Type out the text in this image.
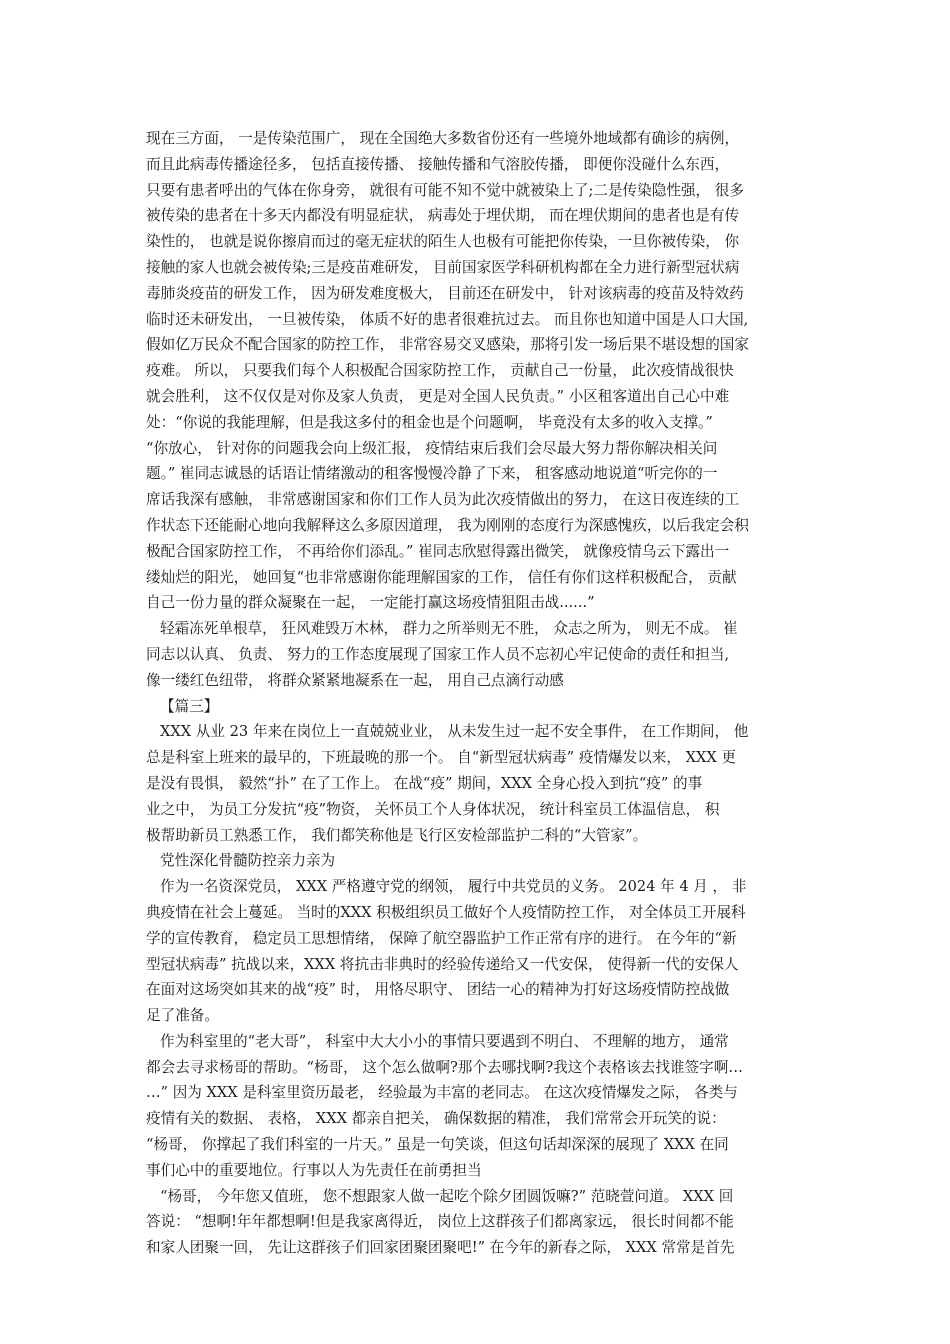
现在三方面， 一是传染范围广， 现在全国绝大多数省份还有一些境外地域都有确诊的病例，
而且此病毒传播途径多， 包括直接传播、 接触传播和气溶胶传播， 即便你没碰什么东西，
只要有患者呼出的气体在你身旁， 就很有可能不知不觉中就被染上了;二是传染隐性强， 很多
被传染的患者在十多天内都没有明显症状， 病毒处于埋伏期， 而在埋伏期间的患者也是有传
染性的， 也就是说你擦肩而过的毫无症状的陌生人也极有可能把你传染，一旦你被传染， 你
接触的家人也就会被传染;三是疫苗难研发， 目前国家医学科研机构都在全力进行新型冠状病
毒肺炎疫苗的研发工作， 因为研发难度极大， 目前还在研发中， 针对该病毒的疫苗及特效药
临时还未研发出， 一旦被传染， 体质不好的患者很难抗过去。 而且你也知道中国是人口大国,
假如亿万民众不配合国家的防控工作， 非常容易交叉感染，那将引发一场后果不堪设想的国家
疫难。 所以， 只要我们每个人积极配合国家防控工作， 贡献自己一份量， 此次疫情战很快
就会胜利， 这不仅仅是对你及家人负责， 更是对全国人民负责。” 小区租客道出自己心中难
处：“你说的我能理解，但是我这多付的租金也是个问题啊， 毕竟没有太多的收入支撑。”
“你放心， 针对你的问题我会向上级汇报， 疫情结束后我们会尽最大努力帮你解决相关问
题。” 崔同志诚恳的话语让情绪激动的租客慢慢冷静了下来， 租客感动地说道“听完你的一
席话我深有感触， 非常感谢国家和你们工作人员为此次疫情做出的努力， 在这日夜连续的工
作状态下还能耐心地向我解释这么多原因道理， 我为刚刚的态度行为深感愧疚，以后我定会积
极配合国家防控工作， 不再给你们添乱。” 崔同志欣慰得露出微笑， 就像疫情乌云下露出一
缕灿烂的阳光， 她回复“也非常感谢你能理解国家的工作， 信任有你们这样积极配合， 贡献
自己一份力量的群众凝聚在一起， 一定能打赢这场疫情狙阻击战......”
轻霜冻死单根草， 狂风难毁万木林， 群力之所举则无不胜， 众志之所为， 则无不成。 崔
同志以认真、 负责、 努力的工作态度展现了国家工作人员不忘初心牢记使命的责任和担当,
像一缕红色纽带， 将群众紧紧地凝系在一起， 用自己点滴行动感
【篇三】
XXX 从业 23 年来在岗位上一直兢兢业业， 从未发生过一起不安全事件， 在工作期间， 他
总是科室上班来的最早的，下班最晚的那一个。 自“新型冠状病毒” 疫情爆发以来， XXX 更
是没有畏惧， 毅然“扑” 在了工作上。 在战“疫” 期间，XXX 全身心投入到抗“疫” 的事
业之中， 为员工分发抗“疫”物资， 关怀员工个人身体状况， 统计科室员工体温信息， 积
极帮助新员工熟悉工作， 我们都笑称他是飞行区安检部监护二科的“大管家”。
党性深化骨髓防控亲力亲为
作为一名资深党员， XXX 严格遵守党的纲领， 履行中共党员的义务。 2024 年 4 月 ， 非
典疫情在社会上蔓延。 当时的XXX 积极组织员工做好个人疫情防控工作， 对全体员工开展科
学的宣传教育， 稳定员工思想情绪， 保障了航空器监护工作正常有序的进行。 在今年的“新
型冠状病毒” 抗战以来，XXX 将抗击非典时的经验传递给又一代安保， 使得新一代的安保人
在面对这场突如其来的战“疫” 时， 用恪尽职守、 团结一心的精神为打好这场疫情防控战做
足了准备。
作为科室里的“老大哥”， 科室中大大小小的事情只要遇到不明白、 不理解的地方， 通常
都会去寻求杨哥的帮助。“杨哥， 这个怎么做啊?那个去哪找啊?我这个表格该去找谁签字啊…
…” 因为 XXX 是科室里资历最老， 经验最为丰富的老同志。 在这次疫情爆发之际， 各类与
疫情有关的数据、 表格， XXX 都亲自把关， 确保数据的精准， 我们常常会开玩笑的说：
“杨哥， 你撑起了我们科室的一片天。” 虽是一句笑谈，但这句话却深深的展现了 XXX 在同
事们心中的重要地位。行事以人为先责任在前勇担当
“杨哥， 今年您又值班， 您不想跟家人做一起吃个除夕团圆饭嘛?” 范晓萱问道。 XXX 回
答说： “想啊!年年都想啊!但是我家离得近， 岗位上这群孩子们都离家远， 很长时间都不能
和家人团聚一回， 先让这群孩子们回家团聚团聚吧!” 在今年的新春之际， XXX 常常是首先
